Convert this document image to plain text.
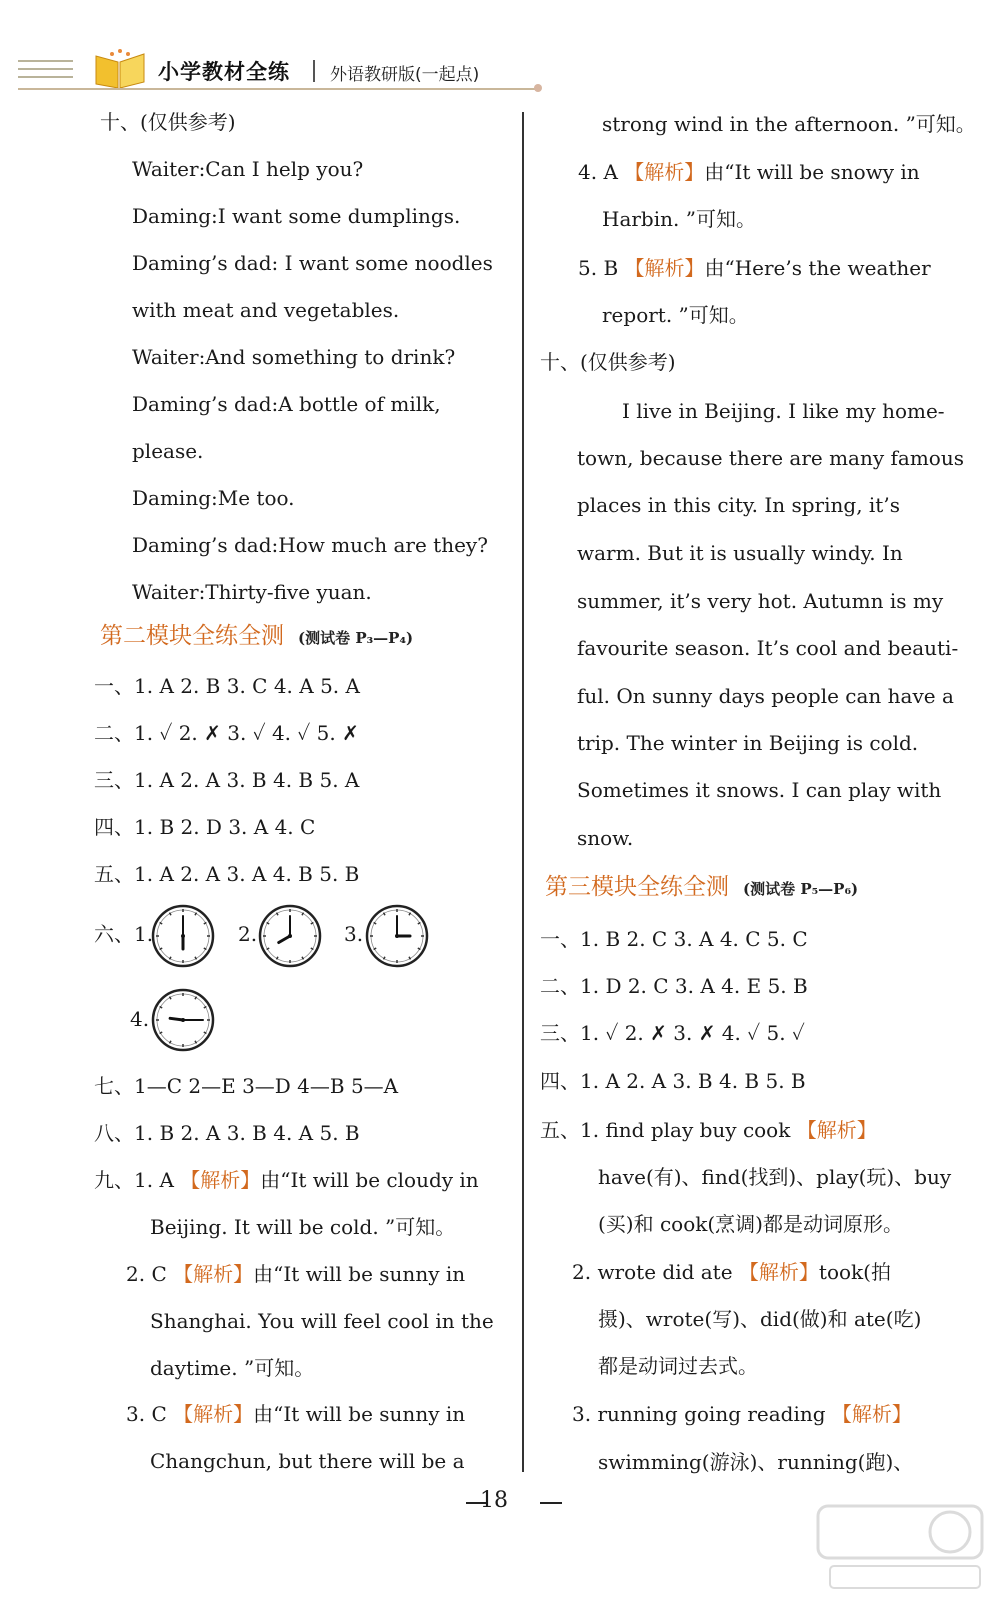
小学教材全练 外语教研版(一起点)
十、(仅供参考)
Waiter:Can I help you?
Daming:I want some dumplings.
Daming’s dad: I want some noodles
with meat and vegetables.
Waiter:And something to drink?
Daming’s dad:A bottle of milk,
please.
Daming:Me too.
Daming’s dad:How much are they?
Waiter:Thirty-five yuan.
第二模块全练全测 (测试卷 P₃—P₄)
一、1. A 2. B 3. C 4. A 5. A
二、1. ✓ 2. ✗ 3. ✓ 4. ✓ 5. ✗
三、1. A 2. A 3. B 4. B 5. A
四、1. B 2. D 3. A 4. C
五、1. A 2. A 3. A 4. B 5. B
七、1—C 2—E 3—D 4—B 5—A
八、1. B 2. A 3. B 4. A 5. B
九、1. A 【解析】由“It will be cloudy in
Beijing. It will be cold. ”可知。
2. C 【解析】由“It will be sunny in
Shanghai. You will feel cool in the
daytime. ”可知。
3. C 【解析】由“It will be sunny in
Changchun, but there will be a
strong wind in the afternoon. ”可知。
4. A 【解析】由“It will be snowy in
Harbin. ”可知。
5. B 【解析】由“Here’s the weather
report. ”可知。
十、(仅供参考)
I live in Beijing. I like my home-
town, because there are many famous
places in this city. In spring, it’s
warm. But it is usually windy. In
summer, it’s very hot. Autumn is my
favourite season. It’s cool and beauti-
ful. On sunny days people can have a
trip. The winter in Beijing is cold.
Sometimes it snows. I can play with
snow.
第三模块全练全测 (测试卷 P₅—P₆)
一、1. B 2. C 3. A 4. C 5. C
二、1. D 2. C 3. A 4. E 5. B
三、1. ✓ 2. ✗ 3. ✗ 4. ✓ 5. ✓
四、1. A 2. A 3. B 4. B 5. B
五、1. find play buy cook 【解析】
have(有)、find(找到)、play(玩)、buy
(买)和 cook(烹调)都是动词原形。
2. wrote did ate 【解析】took(拍
摄)、wrote(写)、did(做)和 ate(吃)
都是动词过去式。
3. running going reading 【解析】
swimming(游泳)、running(跑)、
18
六、1.	2.	3.
4.
